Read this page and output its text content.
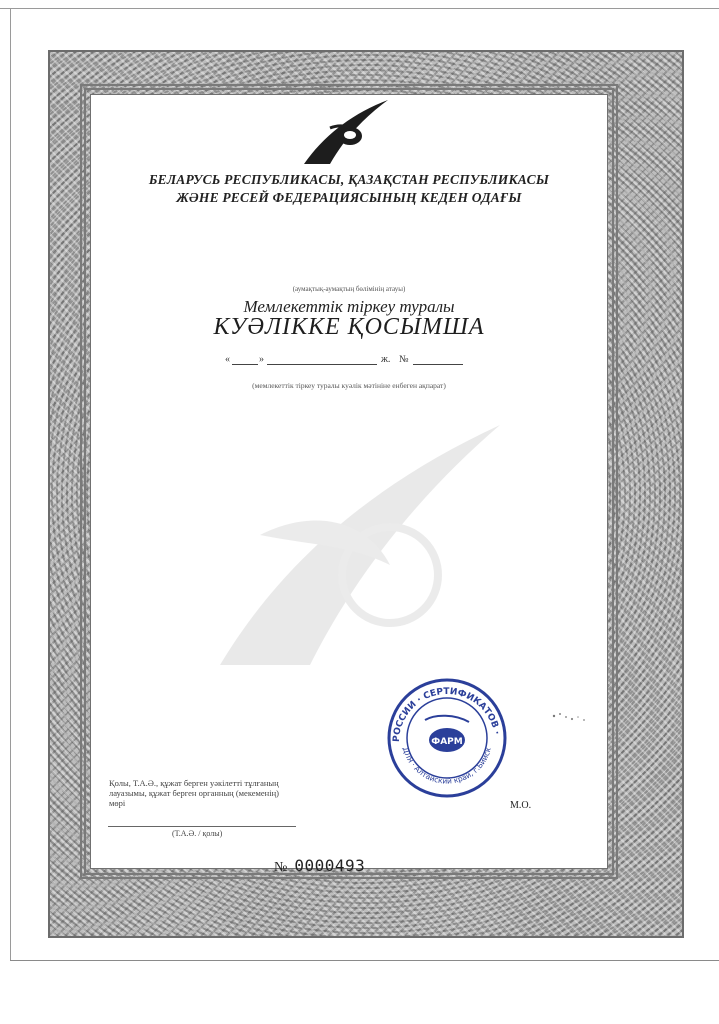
БЕЛАРУСЬ РЕСПУБЛИКАСЫ, ҚАЗАҚСТАН РЕСПУБЛИКАСЫ
ЖӘНЕ РЕСЕЙ ФЕДЕРАЦИЯСЫНЫҢ КЕДЕН ОДАҒЫ
(аумақтық-аумақтың бөлімінің атауы)
Мемлекеттік тіркеу туралы
КУӘЛІККЕ ҚОСЫМША
«	»	ж. №
(мемлекеттік тіркеу туралы куәлік мәтініне енбеген ақпарат)
РОССИИ · СЕРТИФИКАТОВ ·
ДЛЯ · Алтайский край, г.Бийск
ФАРМ
Қолы, Т.А.Ә., құжат берген уәкілетті тұлғаның лауазымы, құжат берген органның (мекеменің) мөрі
(Т.А.Ә. / қолы)
М.О.
№ 0000493
